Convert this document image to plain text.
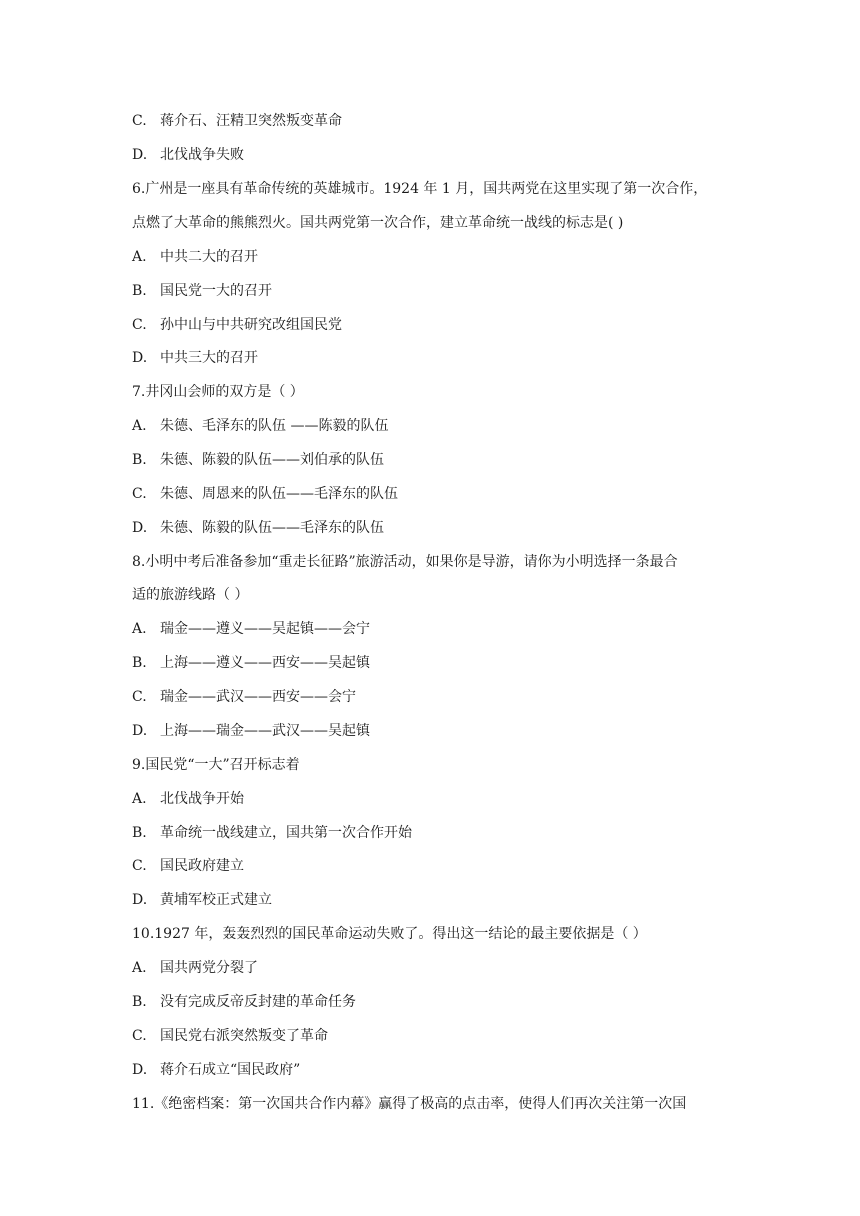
C. 蒋介石、汪精卫突然叛变革命
D. 北伐战争失败
6.广州是一座具有革命传统的英雄城市。1924 年 1 月，国共两党在这里实现了第一次合作，
点燃了大革命的熊熊烈火。国共两党第一次合作，建立革命统一战线的标志是( )
A. 中共二大的召开
B. 国民党一大的召开
C. 孙中山与中共研究改组国民党
D. 中共三大的召开
7.井冈山会师的双方是（ ）
A. 朱德、毛泽东的队伍 ——陈毅的队伍
B. 朱德、陈毅的队伍——刘伯承的队伍
C. 朱德、周恩来的队伍——毛泽东的队伍
D. 朱德、陈毅的队伍——毛泽东的队伍
8.小明中考后准备参加“重走长征路”旅游活动，如果你是导游，请你为小明选择一条最合
适的旅游线路（ ）
A. 瑞金——遵义——吴起镇——会宁
B. 上海——遵义——西安——吴起镇
C. 瑞金——武汉——西安——会宁
D. 上海——瑞金——武汉——吴起镇
9.国民党“一大”召开标志着
A. 北伐战争开始
B. 革命统一战线建立，国共第一次合作开始
C. 国民政府建立
D. 黄埔军校正式建立
10.1927 年，轰轰烈烈的国民革命运动失败了。得出这一结论的最主要依据是（ ）
A. 国共两党分裂了
B. 没有完成反帝反封建的革命任务
C. 国民党右派突然叛变了革命
D. 蒋介石成立“国民政府”
11.《绝密档案：第一次国共合作内幕》赢得了极高的点击率，使得人们再次关注第一次国
